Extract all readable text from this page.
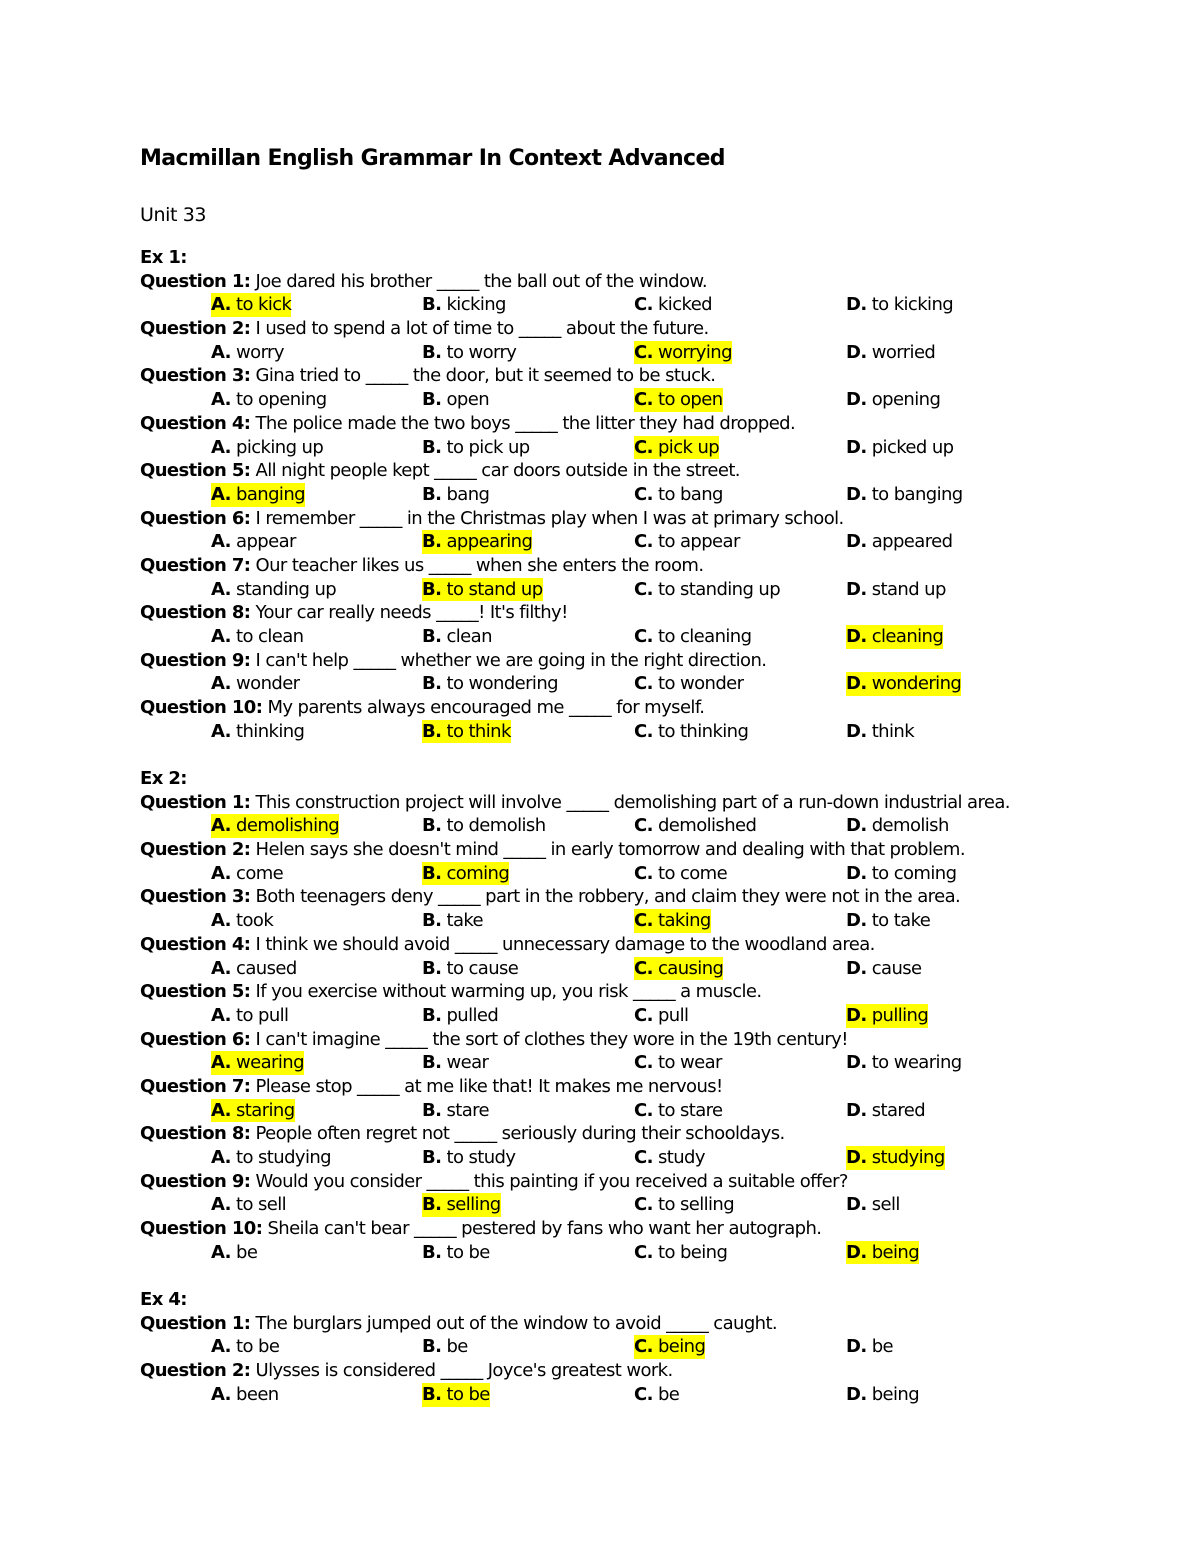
Macmillan English Grammar In Context Advanced
Unit 33
Ex 1:
Question 1: Joe dared his brother _____ the ball out of the window.
A. to kick	B. kicking	C. kicked	D. to kicking
Question 2: I used to spend a lot of time to _____ about the future.
A. worry	B. to worry	C. worrying	D. worried
Question 3: Gina tried to _____ the door, but it seemed to be stuck.
A. to opening	B. open	C. to open	D. opening
Question 4: The police made the two boys _____ the litter they had dropped.
A. picking up	B. to pick up	C. pick up	D. picked up
Question 5: All night people kept _____ car doors outside in the street.
A. banging	B. bang	C. to bang	D. to banging
Question 6: I remember _____ in the Christmas play when I was at primary school.
A. appear	B. appearing	C. to appear	D. appeared
Question 7: Our teacher likes us _____ when she enters the room.
A. standing up	B. to stand up	C. to standing up	D. stand up
Question 8: Your car really needs _____! It's filthy!
A. to clean	B. clean	C. to cleaning	D. cleaning
Question 9: I can't help _____ whether we are going in the right direction.
A. wonder	B. to wondering	C. to wonder	D. wondering
Question 10: My parents always encouraged me _____ for myself.
A. thinking	B. to think	C. to thinking	D. think
Ex 2:
Question 1: This construction project will involve _____ demolishing part of a run-down industrial area.
A. demolishing	B. to demolish	C. demolished	D. demolish
Question 2: Helen says she doesn't mind _____ in early tomorrow and dealing with that problem.
A. come	B. coming	C. to come	D. to coming
Question 3: Both teenagers deny _____ part in the robbery, and claim they were not in the area.
A. took	B. take	C. taking	D. to take
Question 4: I think we should avoid _____ unnecessary damage to the woodland area.
A. caused	B. to cause	C. causing	D. cause
Question 5: If you exercise without warming up, you risk _____ a muscle.
A. to pull	B. pulled	C. pull	D. pulling
Question 6: I can't imagine _____ the sort of clothes they wore in the 19th century!
A. wearing	B. wear	C. to wear	D. to wearing
Question 7: Please stop _____ at me like that! It makes me nervous!
A. staring	B. stare	C. to stare	D. stared
Question 8: People often regret not _____ seriously during their schooldays.
A. to studying	B. to study	C. study	D. studying
Question 9: Would you consider _____ this painting if you received a suitable offer?
A. to sell	B. selling	C. to selling	D. sell
Question 10: Sheila can't bear _____ pestered by fans who want her autograph.
A. be	B. to be	C. to being	D. being
Ex 4:
Question 1: The burglars jumped out of the window to avoid _____ caught.
A. to be	B. be	C. being	D. be
Question 2: Ulysses is considered _____ Joyce's greatest work.
A. been	B. to be	C. be	D. being
